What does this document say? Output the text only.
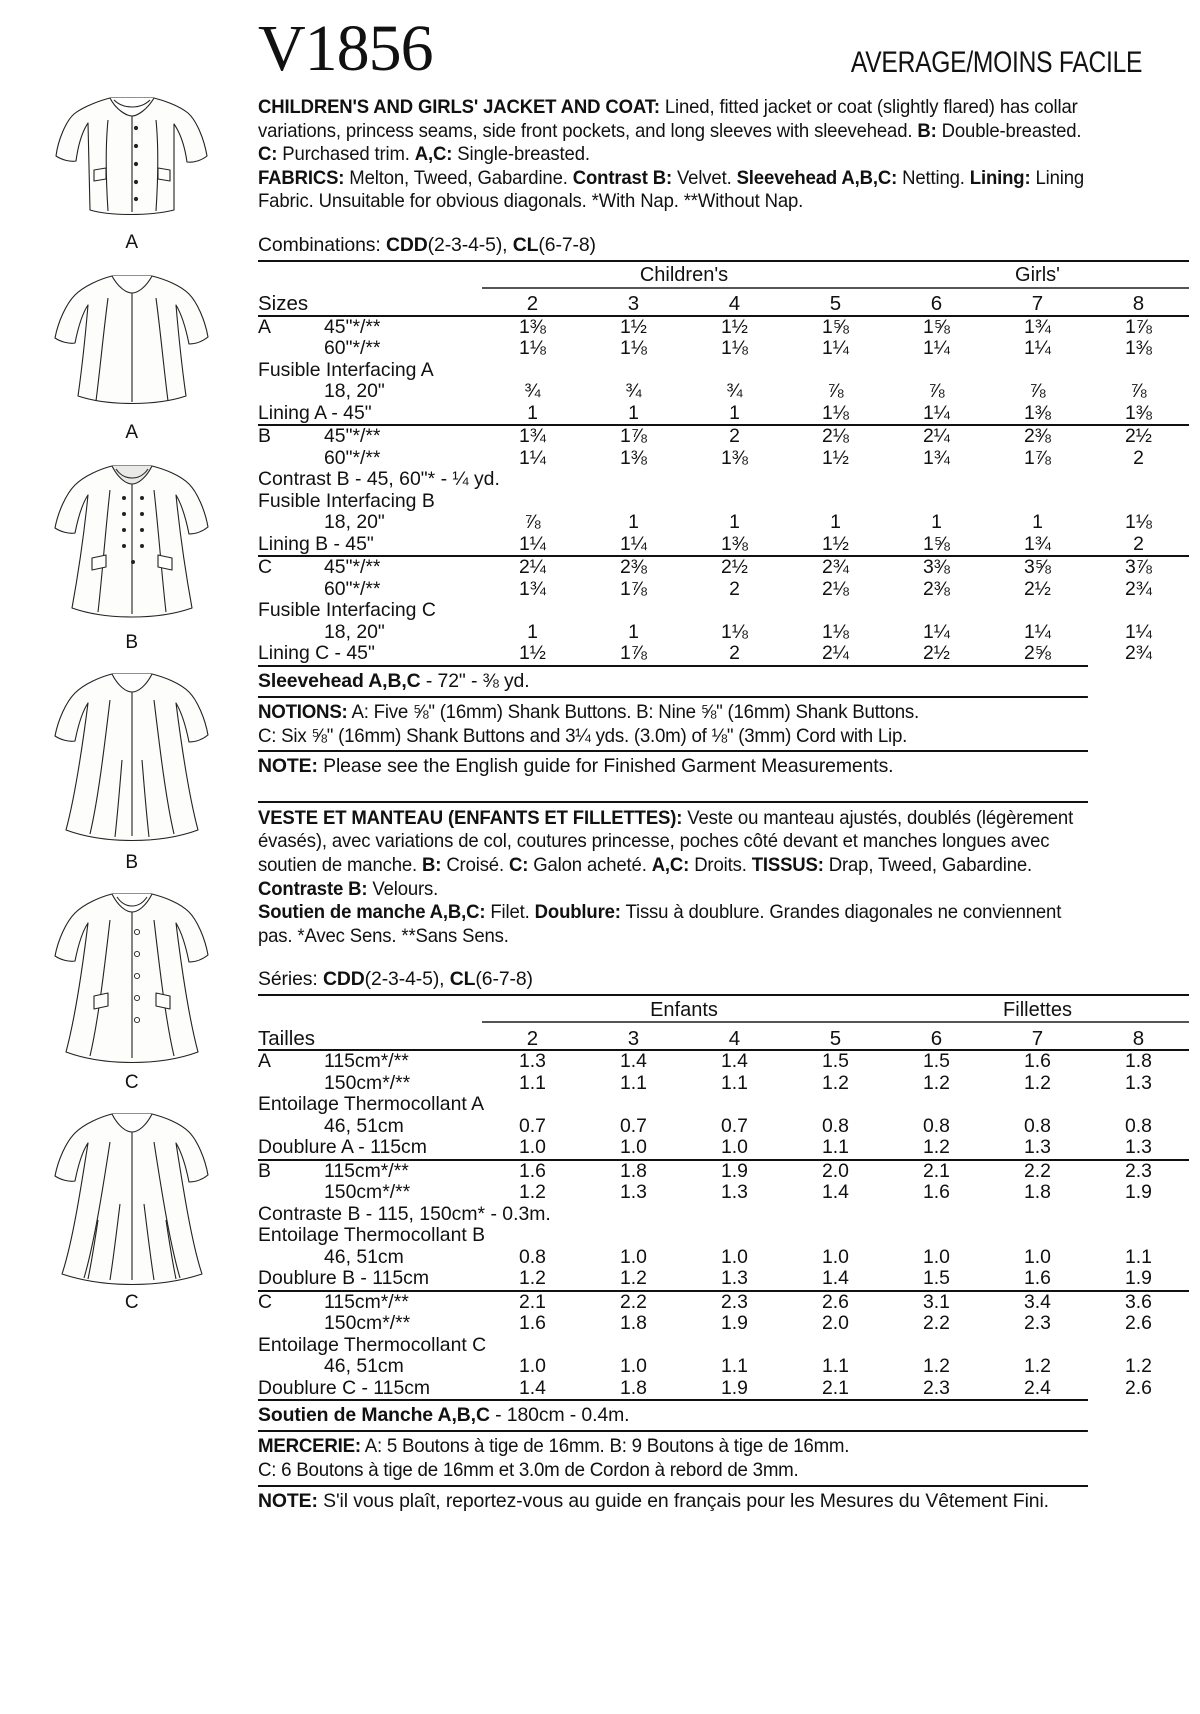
V1856	AVERAGE/MOINS FACILE
A
A
B
B
C
C
CHILDREN'S AND GIRLS' JACKET AND COAT: Lined, fitted jacket or coat (slightly flared) has collar variations, princess seams, side front pockets, and long sleeves with sleevehead. B: Double-breasted. C: Purchased trim. A,C: Single-breasted.
FABRICS: Melton, Tweed, Gabardine. Contrast B: Velvet. Sleevehead A,B,C: Netting. Lining: Lining Fabric. Unsuitable for obvious diagonals. *With Nap. **Without Nap.
Combinations: CDD(2-3-4-5), CL(6-7-8)

		Children's				Girls'		
Sizes		2	3	4	5	6	7	8

A	45"*/**	1⅜	1½	1½	1⅝	1⅝	1¾	1⅞
	60"*/**	1⅛	1⅛	1⅛	1¼	1¼	1¼	1⅜
Fusible Interfacing A								
	18, 20"	¾	¾	¾	⅞	⅞	⅞	⅞
Lining A - 45"		1	1	1	1⅛	1¼	1⅜	1⅜

B	45"*/**	1¾	1⅞	2	2⅛	2¼	2⅜	2½
	60"*/**	1¼	1⅜	1⅜	1½	1¾	1⅞	2
Contrast B - 45, 60"* - ¼ yd.								
Fusible Interfacing B								
	18, 20"	⅞	1	1	1	1	1	1⅛
Lining B - 45"		1¼	1¼	1⅜	1½	1⅝	1¾	2

C	45"*/**	2¼	2⅜	2½	2¾	3⅜	3⅝	3⅞
	60"*/**	1¾	1⅞	2	2⅛	2⅜	2½	2¾
Fusible Interfacing C								
	18, 20"	1	1	1⅛	1⅛	1¼	1¼	1¼
Lining C - 45"		1½	1⅞	2	2¼	2½	2⅝	2¾
Sleevehead A,B,C - 72" - ⅜ yd.
NOTIONS: A: Five ⅝" (16mm) Shank Buttons. B: Nine ⅝" (16mm) Shank Buttons.
C: Six ⅝" (16mm) Shank Buttons and 3¼ yds. (3.0m) of ⅛" (3mm) Cord with Lip.
NOTE: Please see the English guide for Finished Garment Measurements.
VESTE ET MANTEAU (ENFANTS ET FILLETTES): Veste ou manteau ajustés, doublés (légèrement évasés), avec variations de col, coutures princesse, poches côté devant et manches longues avec soutien de manche. B: Croisé. C: Galon acheté. A,C: Droits. TISSUS: Drap, Tweed, Gabardine. Contraste B: Velours.
Soutien de manche A,B,C: Filet. Doublure: Tissu à doublure. Grandes diagonales ne conviennent pas. *Avec Sens. **Sans Sens.
Séries: CDD(2-3-4-5), CL(6-7-8)

		Enfants				Fillettes		
Tailles		2	3	4	5	6	7	8

A	115cm*/**	1.3	1.4	1.4	1.5	1.5	1.6	1.8
	150cm*/**	1.1	1.1	1.1	1.2	1.2	1.2	1.3
Entoilage Thermocollant A								
	46, 51cm	0.7	0.7	0.7	0.8	0.8	0.8	0.8
Doublure A - 115cm		1.0	1.0	1.0	1.1	1.2	1.3	1.3

B	115cm*/**	1.6	1.8	1.9	2.0	2.1	2.2	2.3
	150cm*/**	1.2	1.3	1.3	1.4	1.6	1.8	1.9
Contraste B - 115, 150cm* - 0.3m.								
Entoilage Thermocollant B								
	46, 51cm	0.8	1.0	1.0	1.0	1.0	1.0	1.1
Doublure B - 115cm		1.2	1.2	1.3	1.4	1.5	1.6	1.9

C	115cm*/**	2.1	2.2	2.3	2.6	3.1	3.4	3.6
	150cm*/**	1.6	1.8	1.9	2.0	2.2	2.3	2.6
Entoilage Thermocollant C								
	46, 51cm	1.0	1.0	1.1	1.1	1.2	1.2	1.2
Doublure C - 115cm		1.4	1.8	1.9	2.1	2.3	2.4	2.6
Soutien de Manche A,B,C - 180cm - 0.4m.
MERCERIE: A: 5 Boutons à tige de 16mm. B: 9 Boutons à tige de 16mm.
C: 6 Boutons à tige de 16mm et 3.0m de Cordon à rebord de 3mm.
NOTE: S'il vous plaît, reportez-vous au guide en français pour les Mesures du Vêtement Fini.
